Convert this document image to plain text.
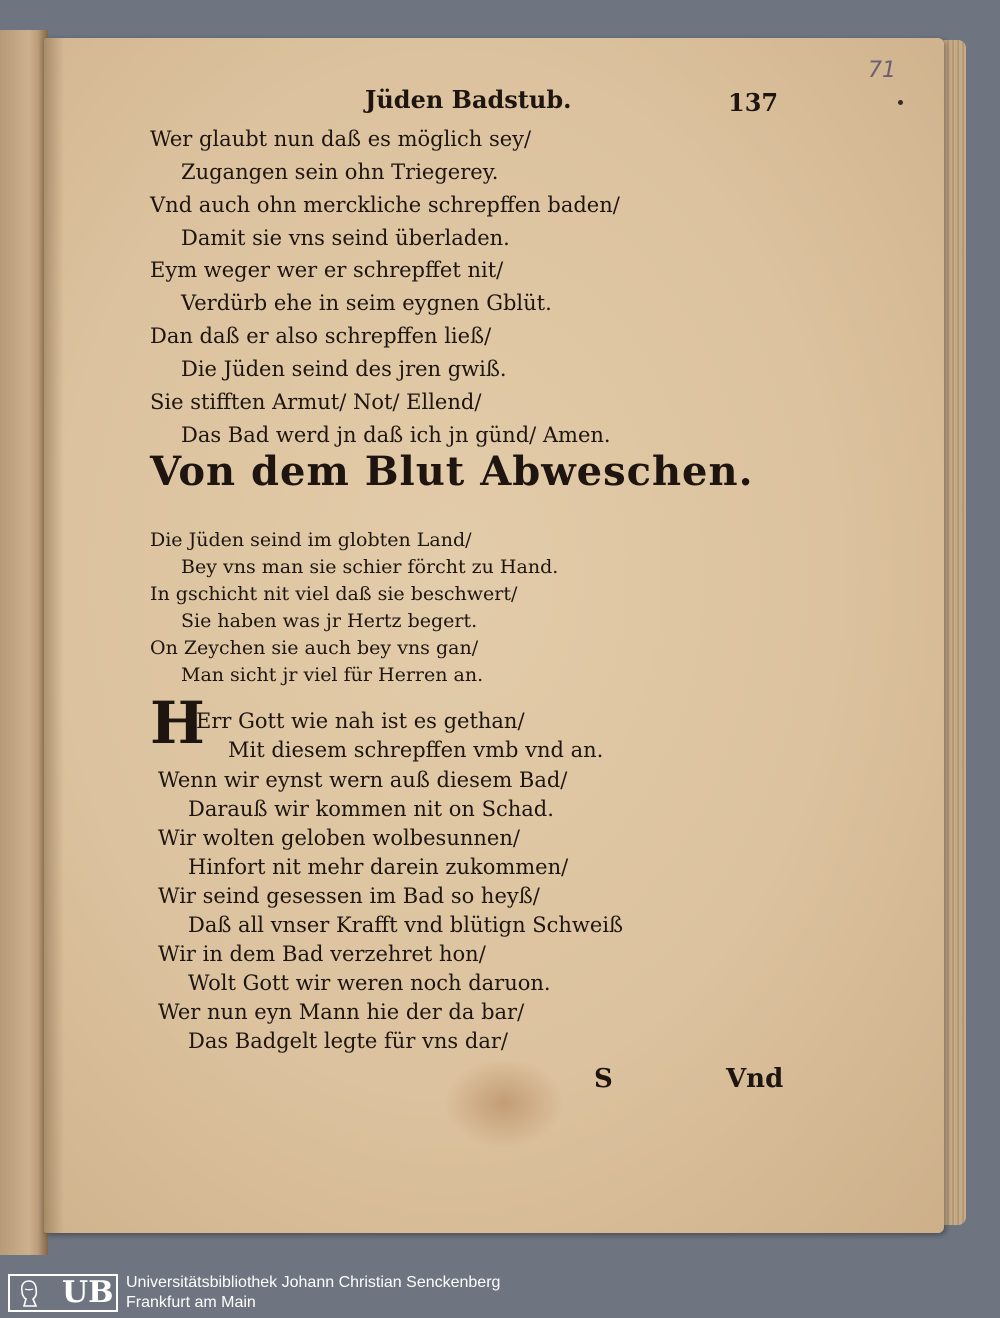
Jüden Badstub.	137

71

Wer glaubt nun daß es möglich sey/

Zugangen sein ohn Triegerey.

Vnd auch ohn merckliche schrepffen baden/

Damit sie vns seind überladen.

Eym weger wer er schrepffet nit/

Verdürb ehe in seim eygnen Gblüt.

Dan daß er also schrepffen ließ/

Die Jüden seind des jren gwiß.

Sie stifften Armut/ Not/ Ellend/

Das Bad werd jn daß ich jn günd/ Amen.

Von dem Blut Abweschen.

Die Jüden seind im globten Land/

Bey vns man sie schier förcht zu Hand.

In gschicht nit viel daß sie beschwert/

Sie haben was jr Hertz begert.

On Zeychen sie auch bey vns gan/

Man sicht jr viel für Herren an.

H

Err Gott wie nah ist es gethan/

Mit diesem schrepffen vmb vnd an.

Wenn wir eynst wern auß diesem Bad/

Darauß wir kommen nit on Schad.

Wir wolten geloben wolbesunnen/

Hinfort nit mehr darein zukommen/

Wir seind gesessen im Bad so heyß/

Daß all vnser Krafft vnd blütign Schweiß

Wir in dem Bad verzehret hon/

Wolt Gott wir weren noch daruon.

Wer nun eyn Mann hie der da bar/

Das Badgelt legte für vns dar/

S	Vnd

UB Universitätsbibliothek Johann Christian Senckenberg
Frankfurt am Main
